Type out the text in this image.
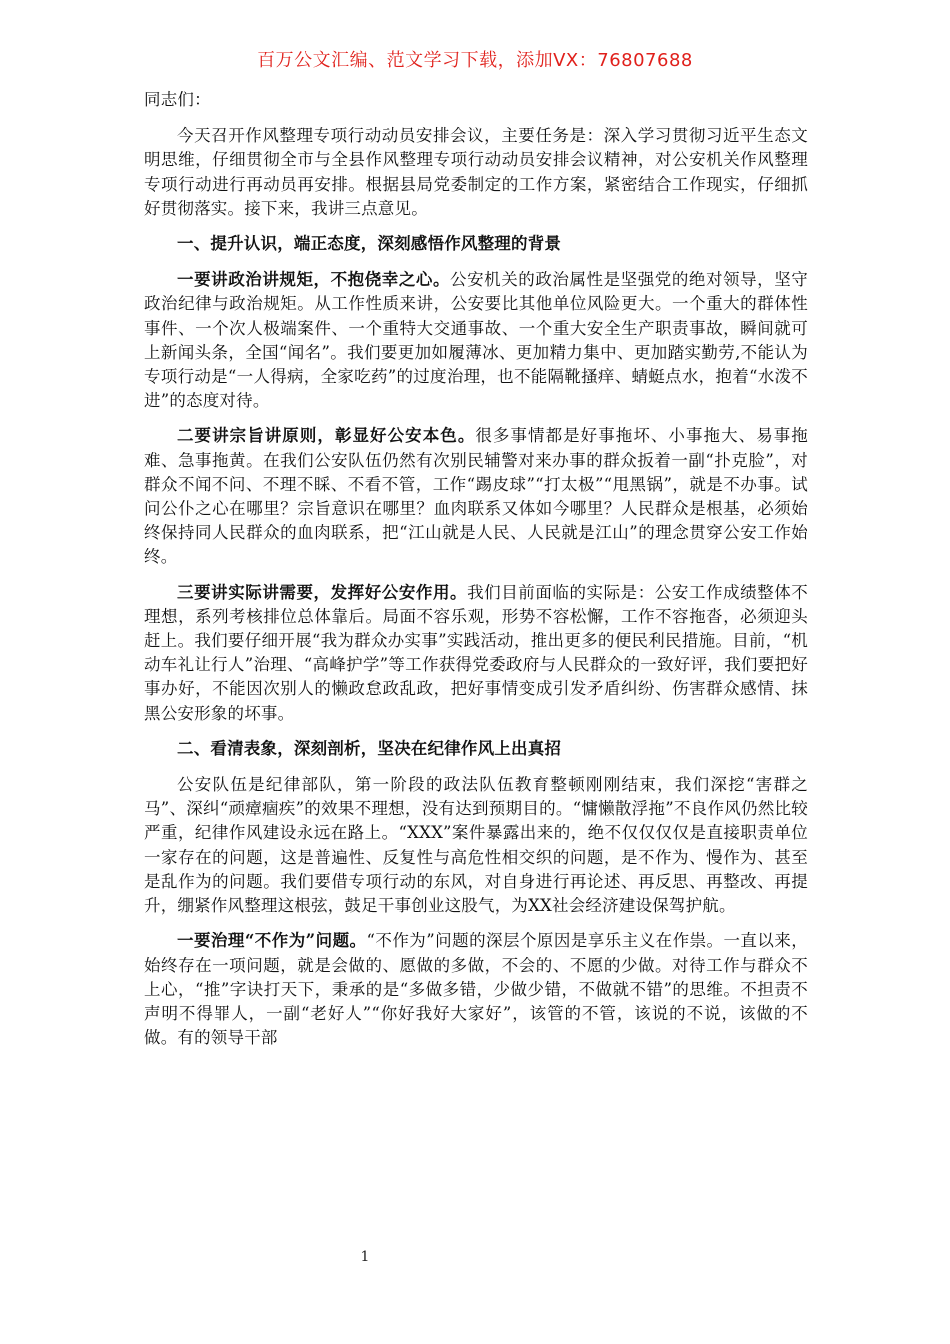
百万公文汇编、范文学习下载，添加VX：76807688

同志们：

今天召开作风整理专项行动动员安排会议，主要任务是：深入学习贯彻习近平生态文明思维，仔细贯彻全市与全县作风整理专项行动动员安排会议精神，对公安机关作风整理专项行动进行再动员再安排。根据县局党委制定的工作方案，紧密结合工作现实，仔细抓好贯彻落实。接下来，我讲三点意见。

一、提升认识，端正态度，深刻感悟作风整理的背景

一要讲政治讲规矩，不抱侥幸之心。公安机关的政治属性是坚强党的绝对领导，坚守政治纪律与政治规矩。从工作性质来讲，公安要比其他单位风险更大。一个重大的群体性事件、一个次人极端案件、一个重特大交通事故、一个重大安全生产职责事故，瞬间就可上新闻头条，全国“闻名”。我们要更加如履薄冰、更加精力集中、更加踏实勤劳,不能认为专项行动是“一人得病，全家吃药”的过度治理，也不能隔靴搔痒、蜻蜓点水，抱着“水泼不进”的态度对待。

二要讲宗旨讲原则，彰显好公安本色。很多事情都是好事拖坏、小事拖大、易事拖难、急事拖黄。在我们公安队伍仍然有次别民辅警对来办事的群众扳着一副“扑克脸”，对群众不闻不问、不理不睬、不看不管，工作“踢皮球”“打太极”“甩黑锅”，就是不办事。试问公仆之心在哪里？宗旨意识在哪里？血肉联系又体如今哪里？人民群众是根基，必须始终保持同人民群众的血肉联系，把“江山就是人民、人民就是江山”的理念贯穿公安工作始终。

三要讲实际讲需要，发挥好公安作用。我们目前面临的实际是：公安工作成绩整体不理想，系列考核排位总体靠后。局面不容乐观，形势不容松懈，工作不容拖沓，必须迎头赶上。我们要仔细开展“我为群众办实事”实践活动，推出更多的便民利民措施。目前，“机动车礼让行人”治理、“高峰护学”等工作获得党委政府与人民群众的一致好评，我们要把好事办好，不能因次别人的懒政怠政乱政，把好事情变成引发矛盾纠纷、伤害群众感情、抹黑公安形象的坏事。

二、看清表象，深刻剖析，坚决在纪律作风上出真招

公安队伍是纪律部队，第一阶段的政法队伍教育整顿刚刚结束，我们深挖“害群之马”、深纠“顽瘴痼疾”的效果不理想，没有达到预期目的。“慵懒散浮拖”不良作风仍然比较严重，纪律作风建设永远在路上。“XXX”案件暴露出来的，绝不仅仅仅仅是直接职责单位一家存在的问题，这是普遍性、反复性与高危性相交织的问题，是不作为、慢作为、甚至是乱作为的问题。我们要借专项行动的东风，对自身进行再论述、再反思、再整改、再提升，绷紧作风整理这根弦，鼓足干事创业这股气，为XX社会经济建设保驾护航。

一要治理“不作为”问题。“不作为”问题的深层个原因是享乐主义在作祟。一直以来，始终存在一项问题，就是会做的、愿做的多做，不会的、不愿的少做。对待工作与群众不上心，“推”字诀打天下，秉承的是“多做多错，少做少错，不做就不错”的思维。不担责不声明不得罪人，一副“老好人”“你好我好大家好”，该管的不管，该说的不说，该做的不做。有的领导干部

1
